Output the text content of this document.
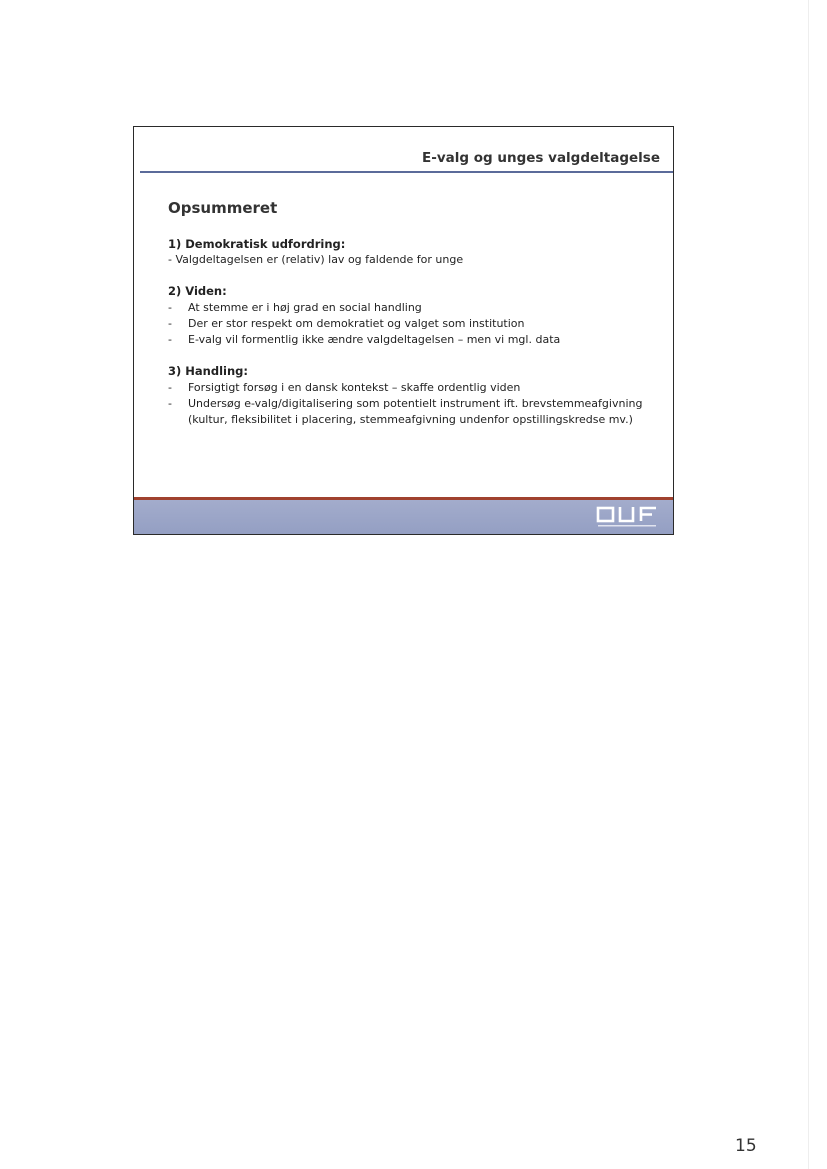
E-valg og unges valgdeltagelse
Opsummeret
1) Demokratisk udfordring:
- Valgdeltagelsen er (relativ) lav og faldende for unge
2) Viden:
- At stemme er i høj grad en social handling
- Der er stor respekt om demokratiet og valget som institution
- E-valg vil formentlig ikke ændre valgdeltagelsen – men vi mgl. data
3) Handling:
- Forsigtigt forsøg i en dansk kontekst – skaffe ordentlig viden
- Undersøg e-valg/digitalisering som potentielt instrument ift. brevstemmeafgivning (kultur, fleksibilitet i placering, stemmeafgivning undenfor opstillingskredse mv.)
15
